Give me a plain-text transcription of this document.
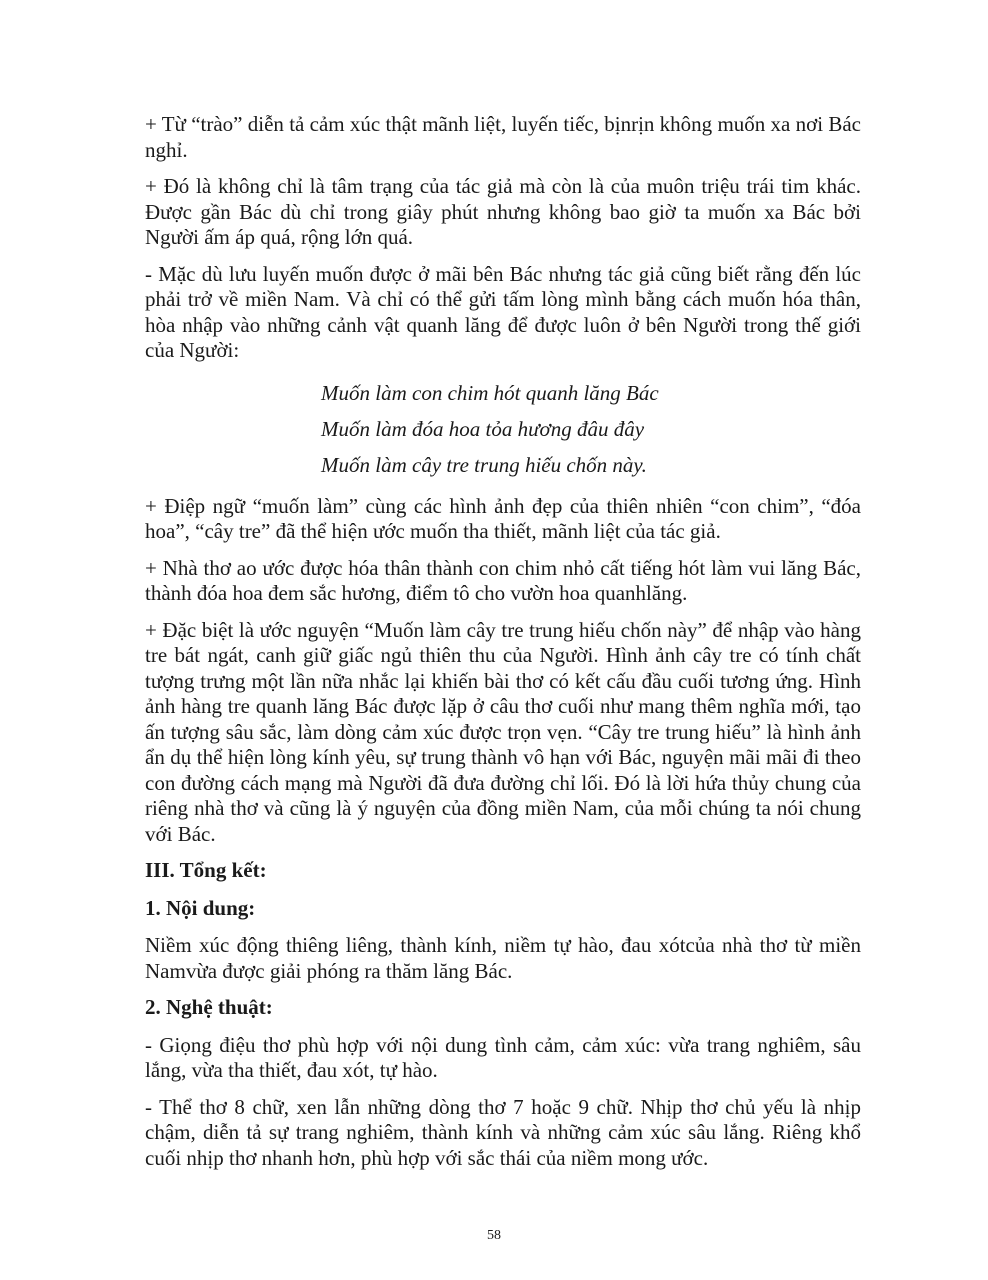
+ Từ “trào” diễn tả cảm xúc thật mãnh liệt, luyến tiếc, bịnrịn không muốn xa nơi Bác nghỉ.

+ Đó là không chỉ là tâm trạng của tác giả mà còn là của muôn triệu trái tim khác. Được gần Bác dù chỉ trong giây phút nhưng không bao giờ ta muốn xa Bác bởi Người ấm áp quá, rộng lớn quá.

- Mặc dù lưu luyến muốn được ở mãi bên Bác nhưng tác giả cũng biết rằng đến lúc phải trở về miền Nam. Và chỉ có thể gửi tấm lòng mình bằng cách muốn hóa thân, hòa nhập vào những cảnh vật quanh lăng để được luôn ở bên Người trong thế giới của Người:

Muốn làm con chim hót quanh lăng Bác
Muốn làm đóa hoa tỏa hương đâu đây
Muốn làm cây tre trung hiếu chốn này.

+ Điệp ngữ “muốn làm” cùng các hình ảnh đẹp của thiên nhiên “con chim”, “đóa hoa”, “cây tre” đã thể hiện ước muốn tha thiết, mãnh liệt của tác giả.

+ Nhà thơ ao ước được hóa thân thành con chim nhỏ cất tiếng hót làm vui lăng Bác, thành đóa hoa đem sắc hương, điểm tô cho vườn hoa quanhlăng.

+ Đặc biệt là ước nguyện “Muốn làm cây tre trung hiếu chốn này” để nhập vào hàng tre bát ngát, canh giữ giấc ngủ thiên thu của Người. Hình ảnh cây tre có tính chất tượng trưng một lần nữa nhắc lại khiến bài thơ có kết cấu đầu cuối tương ứng. Hình ảnh hàng tre quanh lăng Bác được lặp ở câu thơ cuối như mang thêm nghĩa mới, tạo ấn tượng sâu sắc, làm dòng cảm xúc được trọn vẹn. “Cây tre trung hiếu” là hình ảnh ẩn dụ thể hiện lòng kính yêu, sự trung thành vô hạn với Bác, nguyện mãi mãi đi theo con đường cách mạng mà Người đã đưa đường chỉ lối. Đó là lời hứa thủy chung của riêng nhà thơ và cũng là ý nguyện của đồng miền Nam, của mỗi chúng ta nói chung với Bác.

III. Tổng kết:
1. Nội dung:

Niềm xúc động thiêng liêng, thành kính, niềm tự hào, đau xótcủa nhà thơ từ miền Namvừa được giải phóng ra thăm lăng Bác.

2. Nghệ thuật:

- Giọng điệu thơ phù hợp với nội dung tình cảm, cảm xúc: vừa trang nghiêm, sâu lắng, vừa tha thiết, đau xót, tự hào.

- Thể thơ 8 chữ, xen lẫn những dòng thơ 7 hoặc 9 chữ. Nhịp thơ chủ yếu là nhịp chậm, diễn tả sự trang nghiêm, thành kính và những cảm xúc sâu lắng. Riêng khổ cuối nhịp thơ nhanh hơn, phù hợp với sắc thái của niềm mong ước.

58
